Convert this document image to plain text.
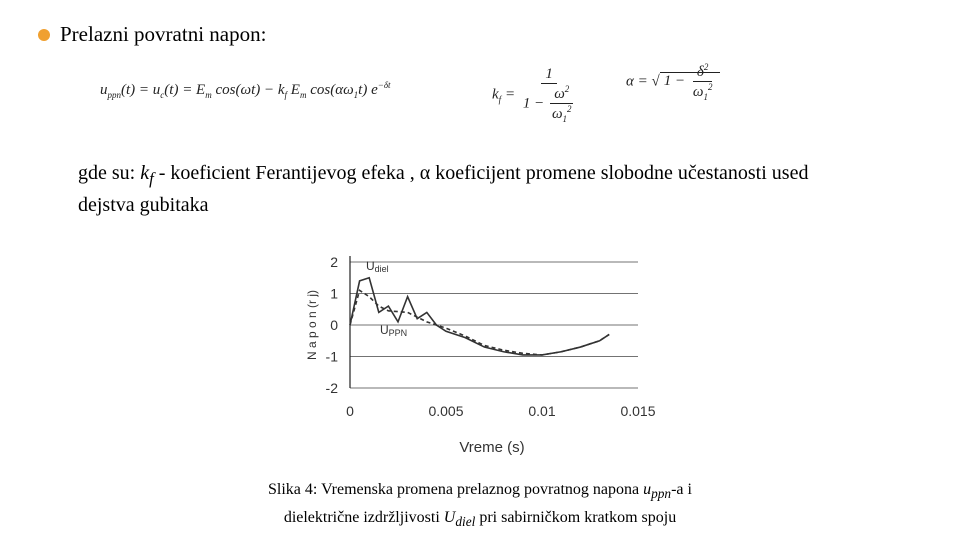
Prelazni povratni napon:
$u_{ppn}(t) = u_c(t) = E_m$ $\cos(\omega t) - k_f$ $E_m$ $\cos(\alpha\omega_1t)$ $e^{-\delta t}$
$k_f = \frac{1}{1 - \frac{\omega^2}{\omega_1^2}}$	α = √ $1 - \frac{\delta^2}{\omega_1^2}$
gde su: $k_f$ - koeficient Ferantijevog efeka , α koeficijent promene slobodne učestanosti used dejstva gubitaka
2
1
0
-1
-2
0	0.005	0.01	0.015
N a p o n (r j)
Vreme (s)
Udiel
UPPN
Slika 4: Vremenska promena prelaznog povratnog napona $u_{ppn}-a$ i
dielektrične izdržljivosti $U_{diel}$ pri sabirničkom kratkom spoju
